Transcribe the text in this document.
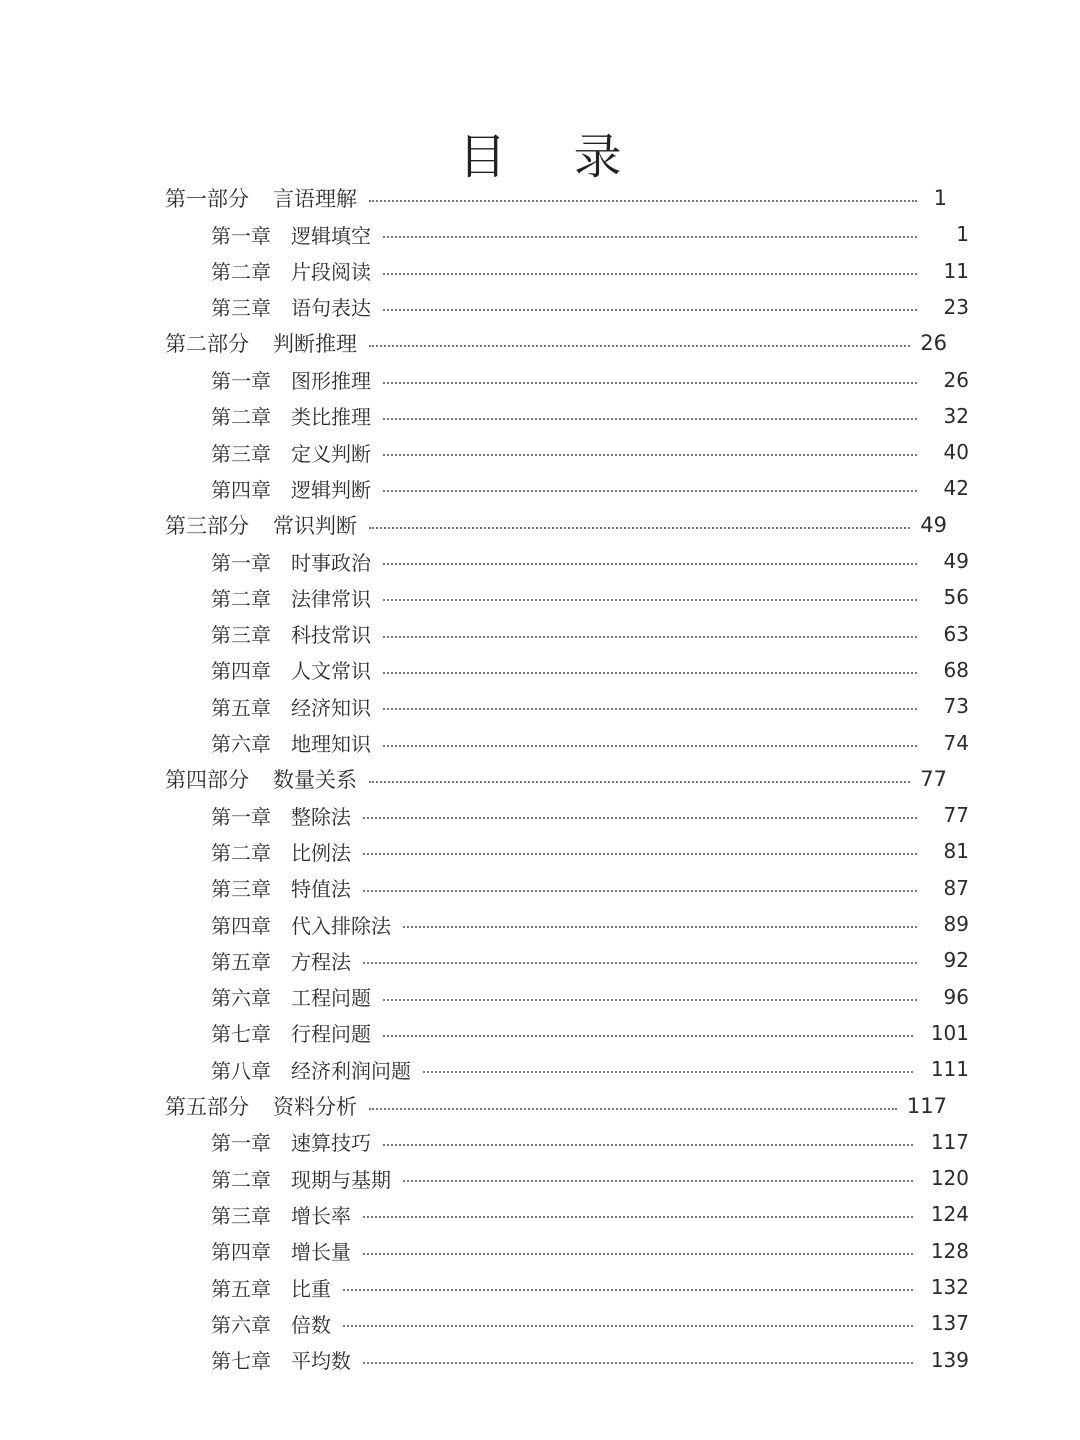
目 录
第一部分	言语理解	1
第一章	逻辑填空	1
第二章	片段阅读	11
第三章	语句表达	23
第二部分	判断推理	26
第一章	图形推理	26
第二章	类比推理	32
第三章	定义判断	40
第四章	逻辑判断	42
第三部分	常识判断	49
第一章	时事政治	49
第二章	法律常识	56
第三章	科技常识	63
第四章	人文常识	68
第五章	经济知识	73
第六章	地理知识	74
第四部分	数量关系	77
第一章	整除法	77
第二章	比例法	81
第三章	特值法	87
第四章	代入排除法	89
第五章	方程法	92
第六章	工程问题	96
第七章	行程问题	101
第八章	经济利润问题	111
第五部分	资料分析	117
第一章	速算技巧	117
第二章	现期与基期	120
第三章	增长率	124
第四章	增长量	128
第五章	比重	132
第六章	倍数	137
第七章	平均数	139
